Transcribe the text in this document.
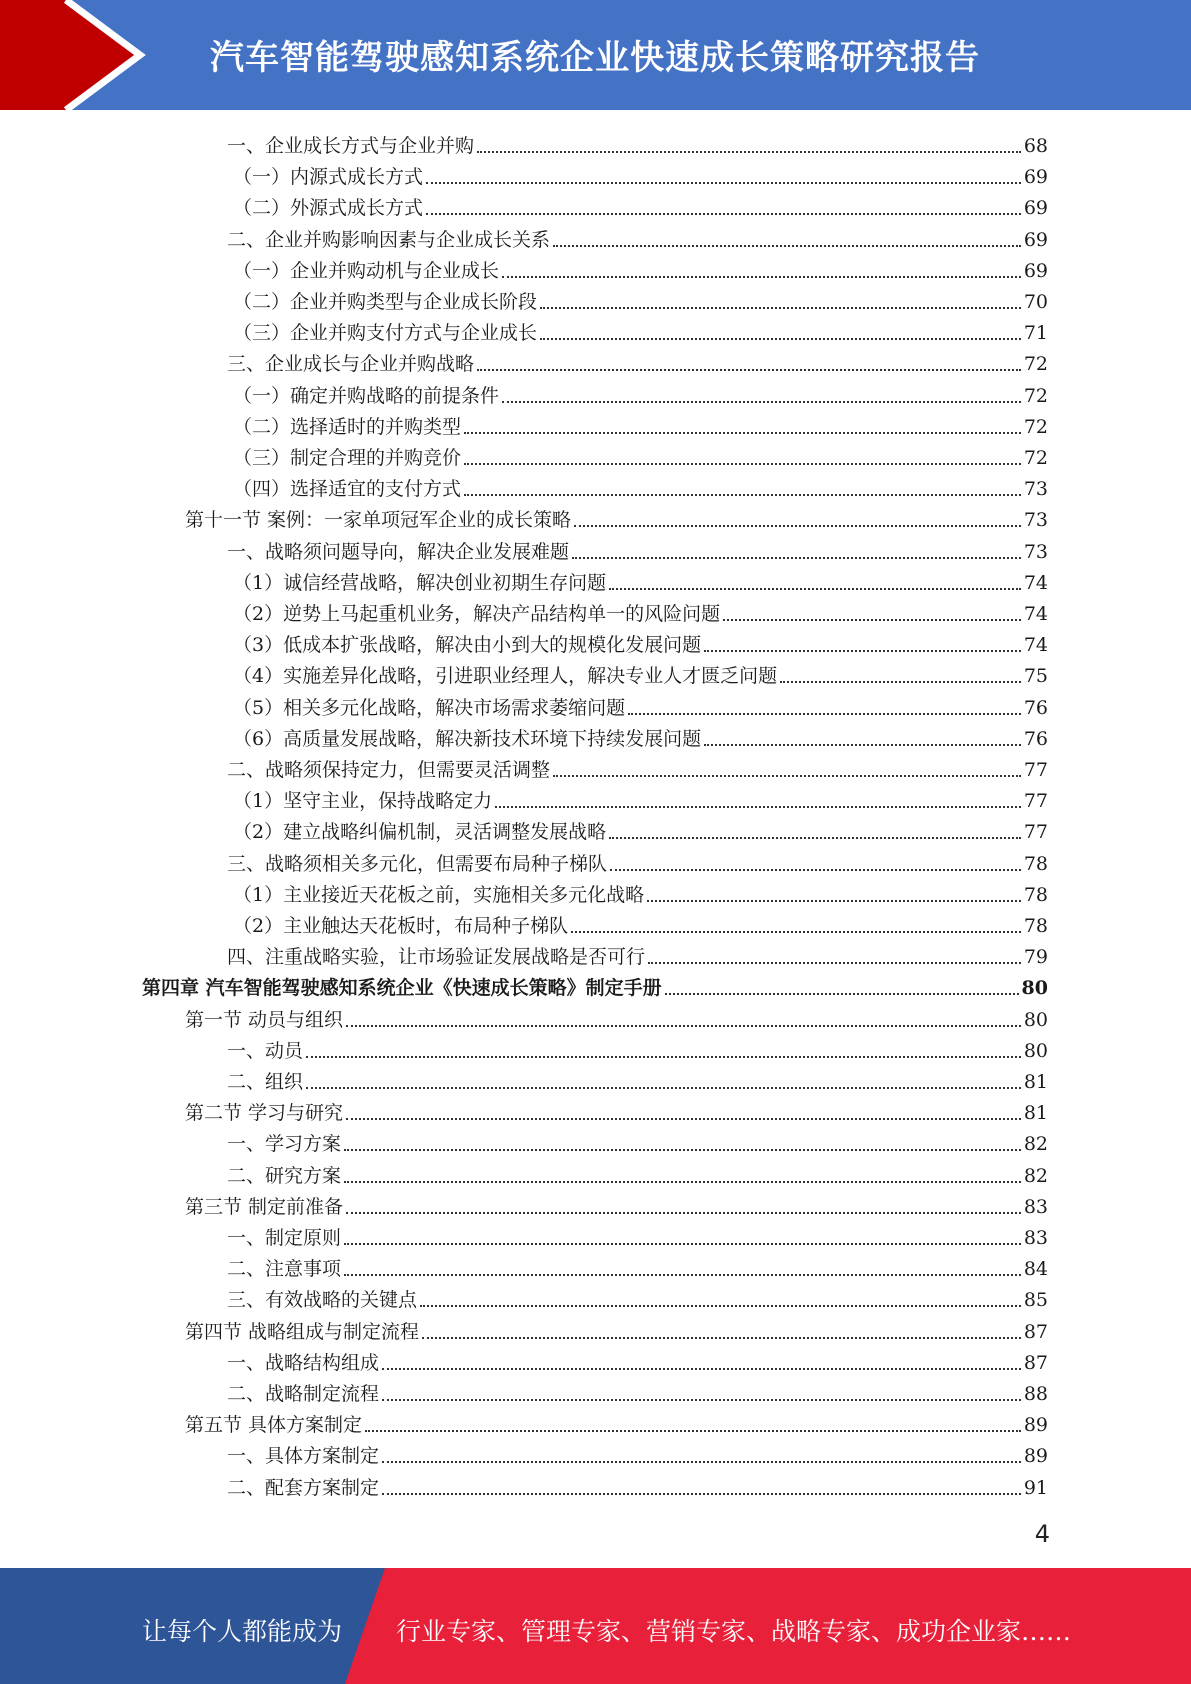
汽车智能驾驶感知系统企业快速成长策略研究报告
一、企业成长方式与企业并购	68
（一）内源式成长方式	69
（二）外源式成长方式	69
二、企业并购影响因素与企业成长关系	69
（一）企业并购动机与企业成长	69
（二）企业并购类型与企业成长阶段	70
（三）企业并购支付方式与企业成长	71
三、企业成长与企业并购战略	72
（一）确定并购战略的前提条件	72
（二）选择适时的并购类型	72
（三）制定合理的并购竞价	72
（四）选择适宜的支付方式	73
第十一节 案例：一家单项冠军企业的成长策略	73
一、战略须问题导向，解决企业发展难题	73
（1）诚信经营战略，解决创业初期生存问题	74
（2）逆势上马起重机业务，解决产品结构单一的风险问题	74
（3）低成本扩张战略，解决由小到大的规模化发展问题	74
（4）实施差异化战略，引进职业经理人，解决专业人才匮乏问题	75
（5）相关多元化战略，解决市场需求萎缩问题	76
（6）高质量发展战略，解决新技术环境下持续发展问题	76
二、战略须保持定力，但需要灵活调整	77
（1）坚守主业，保持战略定力	77
（2）建立战略纠偏机制，灵活调整发展战略	77
三、战略须相关多元化，但需要布局种子梯队	78
（1）主业接近天花板之前，实施相关多元化战略	78
（2）主业触达天花板时，布局种子梯队	78
四、注重战略实验，让市场验证发展战略是否可行	79
第四章 汽车智能驾驶感知系统企业《快速成长策略》制定手册	80
第一节 动员与组织	80
一、动员	80
二、组织	81
第二节 学习与研究	81
一、学习方案	82
二、研究方案	82
第三节 制定前准备	83
一、制定原则	83
二、注意事项	84
三、有效战略的关键点	85
第四节 战略组成与制定流程	87
一、战略结构组成	87
二、战略制定流程	88
第五节 具体方案制定	89
一、具体方案制定	89
二、配套方案制定	91
4
让每个人都能成为 行业专家、管理专家、营销专家、战略专家、成功企业家……
